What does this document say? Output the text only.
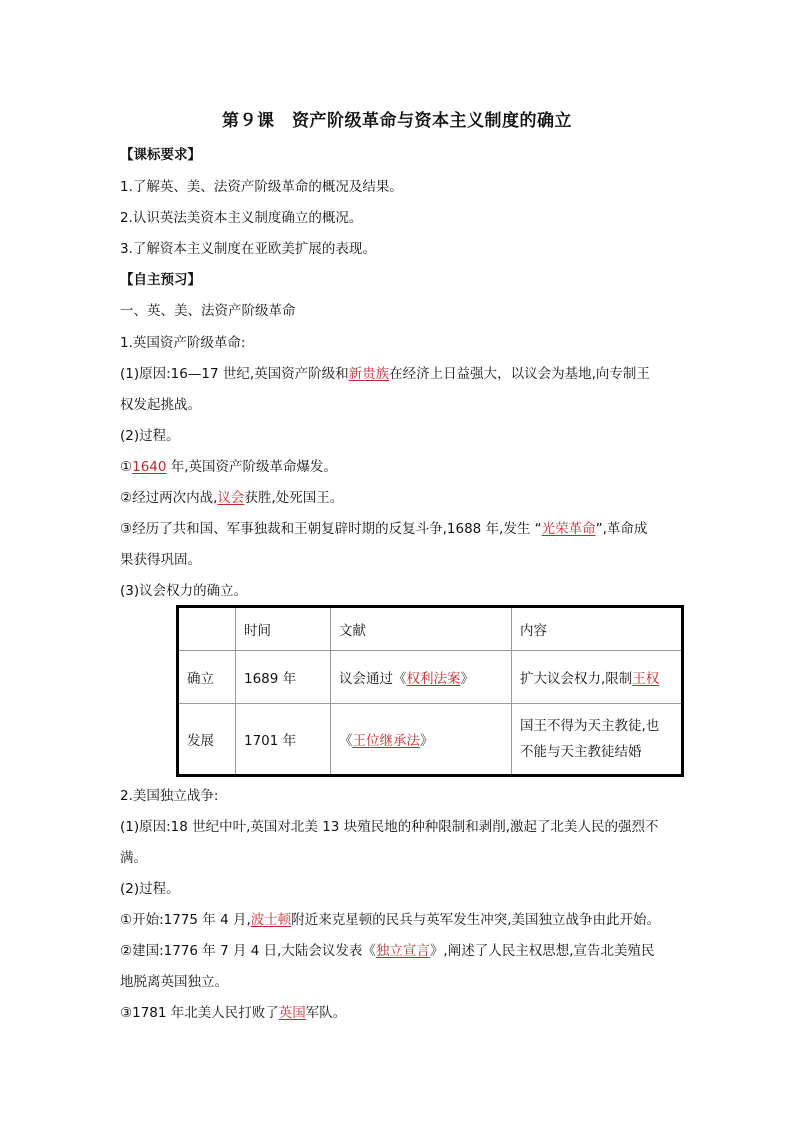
第９课　资产阶级革命与资本主义制度的确立
【课标要求】
1.了解英、美、法资产阶级革命的概况及结果。
2.认识英法美资本主义制度确立的概况。
3.了解资本主义制度在亚欧美扩展的表现。
【自主预习】
一、英、美、法资产阶级革命
1.英国资产阶级革命:
(1)原因:16—17 世纪,英国资产阶级和新贵族在经济上日益强大，以议会为基地,向专制王
权发起挑战。
(2)过程。
①1640 年,英国资产阶级革命爆发。
②经过两次内战,议会获胜,处死国王。
③经历了共和国、军事独裁和王朝复辟时期的反复斗争,1688 年,发生 “光荣革命”,革命成
果获得巩固。
(3)议会权力的确立。
	时间	文献	内容
确立	1689 年	议会通过《权利法案》	扩大议会权力,限制王权
发展	1701 年	《王位继承法》	国王不得为天主教徒,也
不能与天主教徒结婚
2.美国独立战争:
(1)原因:18 世纪中叶,英国对北美 13 块殖民地的种种限制和剥削,激起了北美人民的强烈不
满。
(2)过程。
①开始:1775 年 4 月,波士顿附近来克星顿的民兵与英军发生冲突,美国独立战争由此开始。
②建国:1776 年 7 月 4 日,大陆会议发表《独立宣言》,阐述了人民主权思想,宣告北美殖民
地脱离英国独立。
③1781 年北美人民打败了英国军队。
